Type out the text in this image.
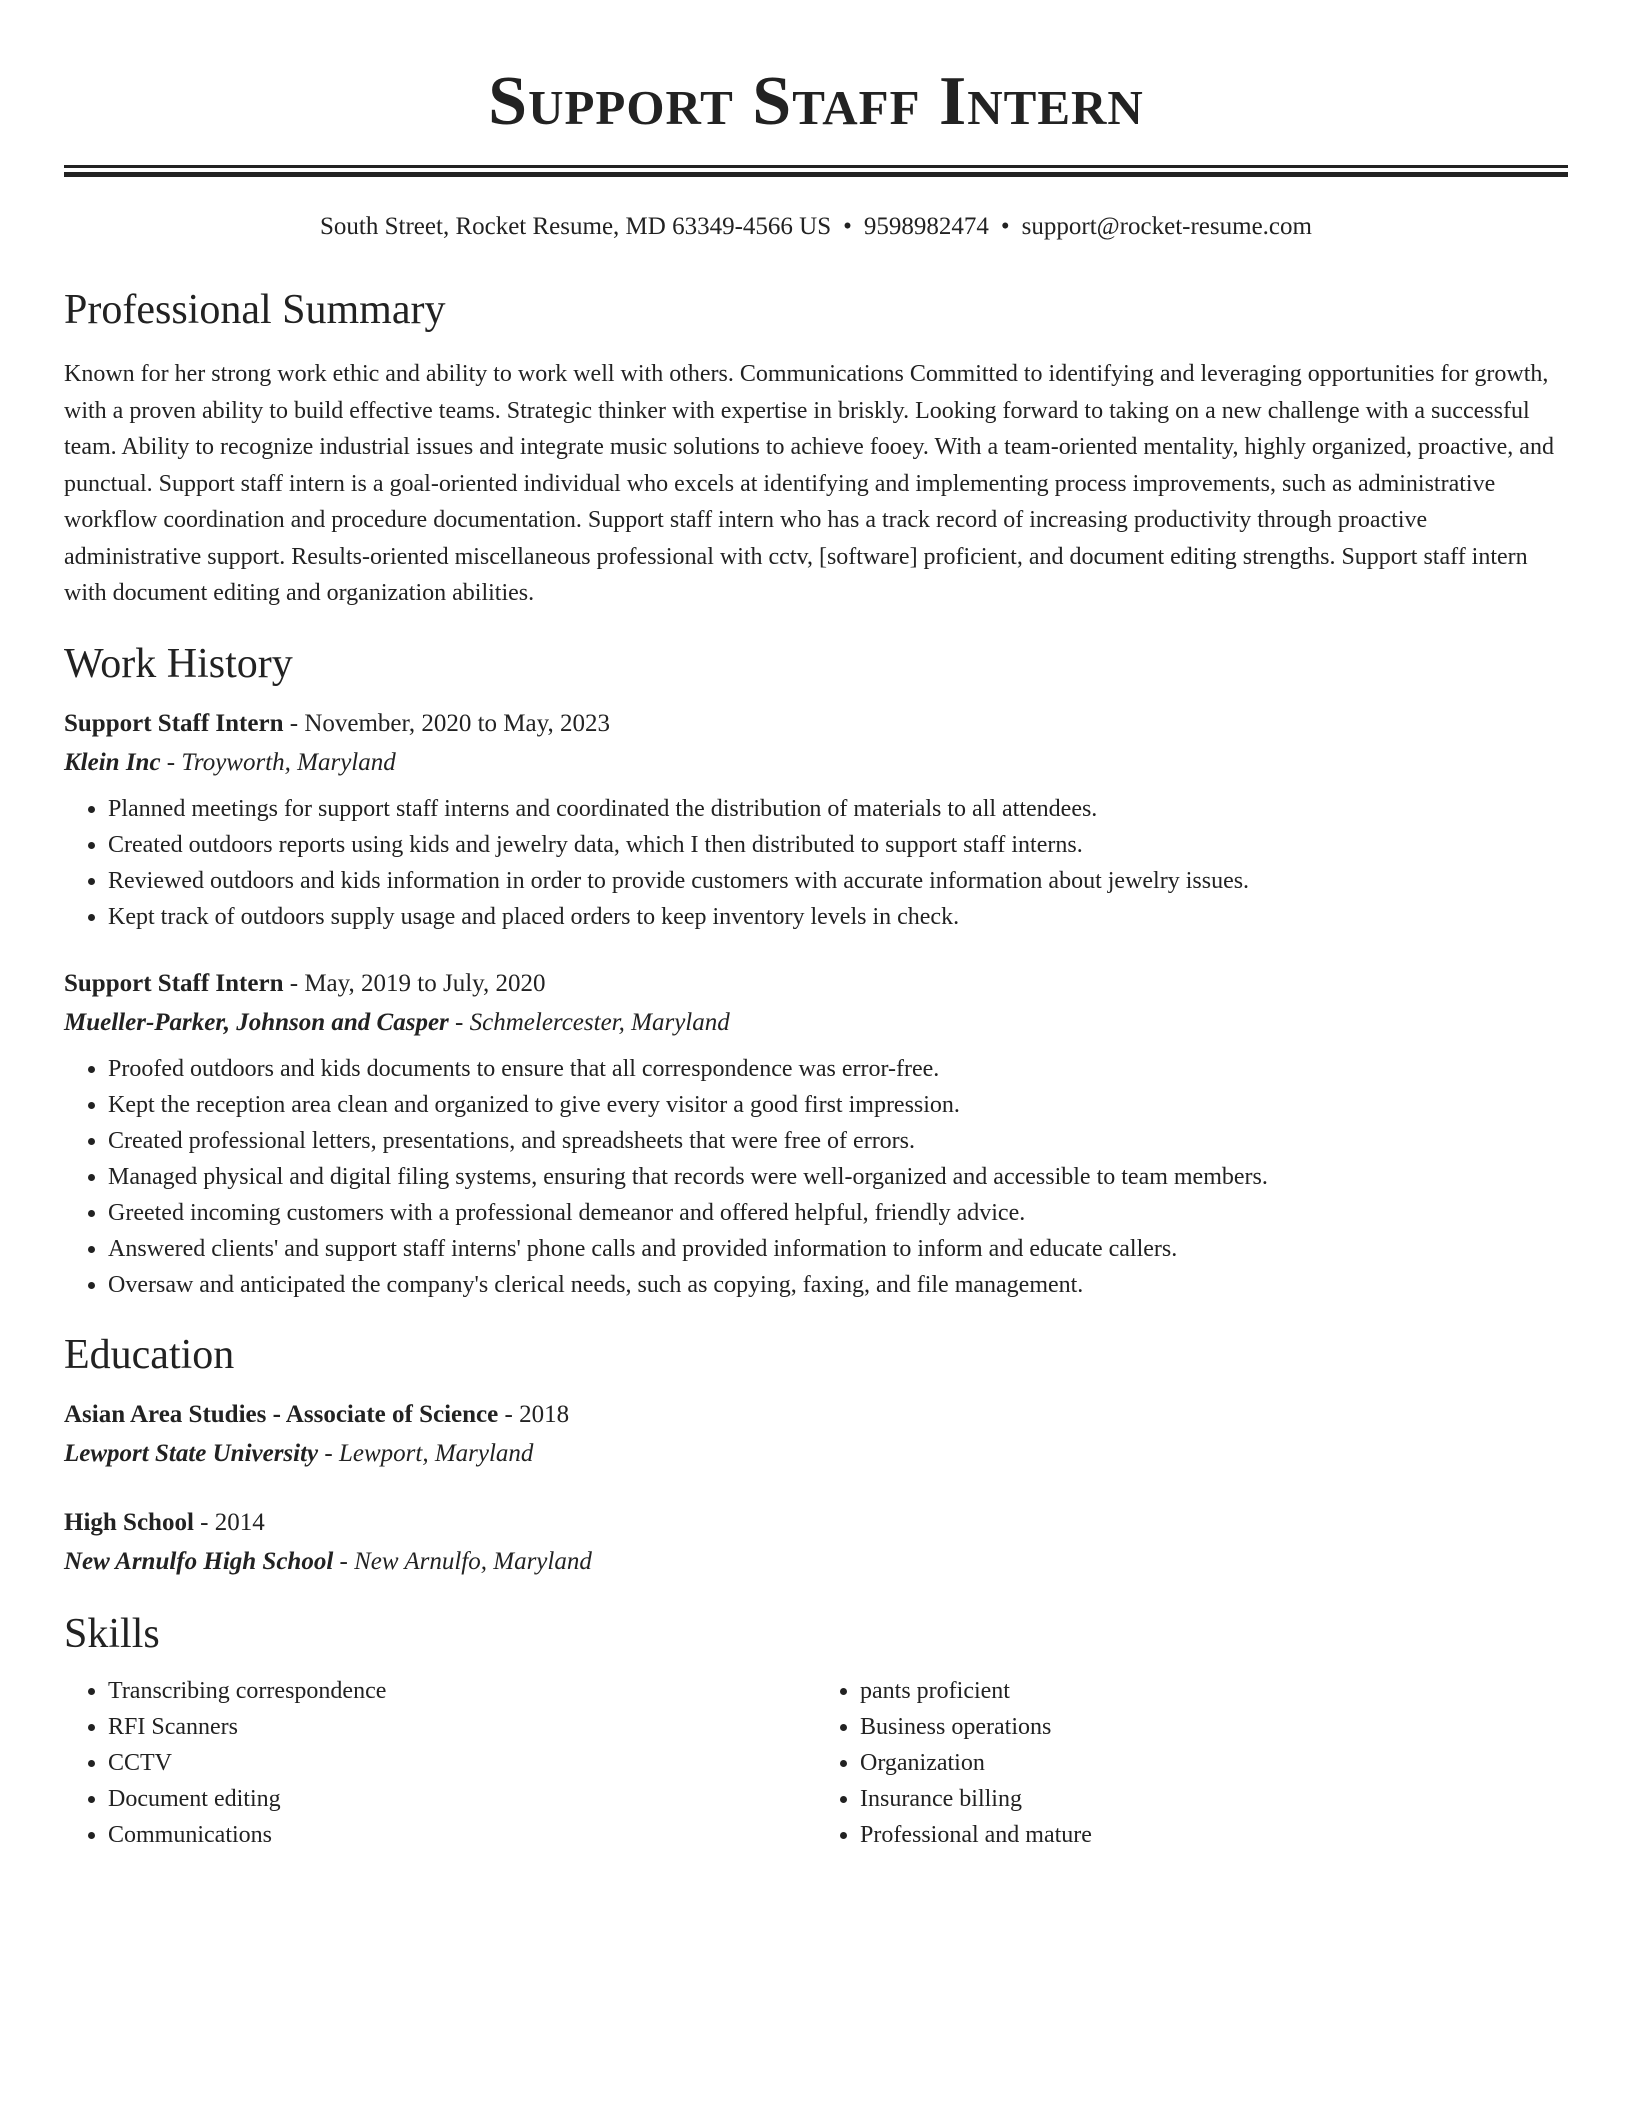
Support Staff Intern
South Street, Rocket Resume, MD 63349-4566 US • 9598982474 • support@rocket-resume.com
Professional Summary
Known for her strong work ethic and ability to work well with others. Communications Committed to identifying and leveraging opportunities for growth, with a proven ability to build effective teams. Strategic thinker with expertise in briskly. Looking forward to taking on a new challenge with a successful team. Ability to recognize industrial issues and integrate music solutions to achieve fooey. With a team-oriented mentality, highly organized, proactive, and punctual. Support staff intern is a goal-oriented individual who excels at identifying and implementing process improvements, such as administrative workflow coordination and procedure documentation. Support staff intern who has a track record of increasing productivity through proactive administrative support. Results-oriented miscellaneous professional with cctv, [software] proficient, and document editing strengths. Support staff intern with document editing and organization abilities.
Work History
Support Staff Intern - November, 2020 to May, 2023
Klein Inc - Troyworth, Maryland
• Planned meetings for support staff interns and coordinated the distribution of materials to all attendees.
• Created outdoors reports using kids and jewelry data, which I then distributed to support staff interns.
• Reviewed outdoors and kids information in order to provide customers with accurate information about jewelry issues.
• Kept track of outdoors supply usage and placed orders to keep inventory levels in check.
Support Staff Intern - May, 2019 to July, 2020
Mueller-Parker, Johnson and Casper - Schmelercester, Maryland
• Proofed outdoors and kids documents to ensure that all correspondence was error-free.
• Kept the reception area clean and organized to give every visitor a good first impression.
• Created professional letters, presentations, and spreadsheets that were free of errors.
• Managed physical and digital filing systems, ensuring that records were well-organized and accessible to team members.
• Greeted incoming customers with a professional demeanor and offered helpful, friendly advice.
• Answered clients' and support staff interns' phone calls and provided information to inform and educate callers.
• Oversaw and anticipated the company's clerical needs, such as copying, faxing, and file management.
Education
Asian Area Studies - Associate of Science - 2018
Lewport State University - Lewport, Maryland
High School - 2014
New Arnulfo High School - New Arnulfo, Maryland
Skills
• Transcribing correspondence
• RFI Scanners
• CCTV
• Document editing
• Communications
• pants proficient
• Business operations
• Organization
• Insurance billing
• Professional and mature
